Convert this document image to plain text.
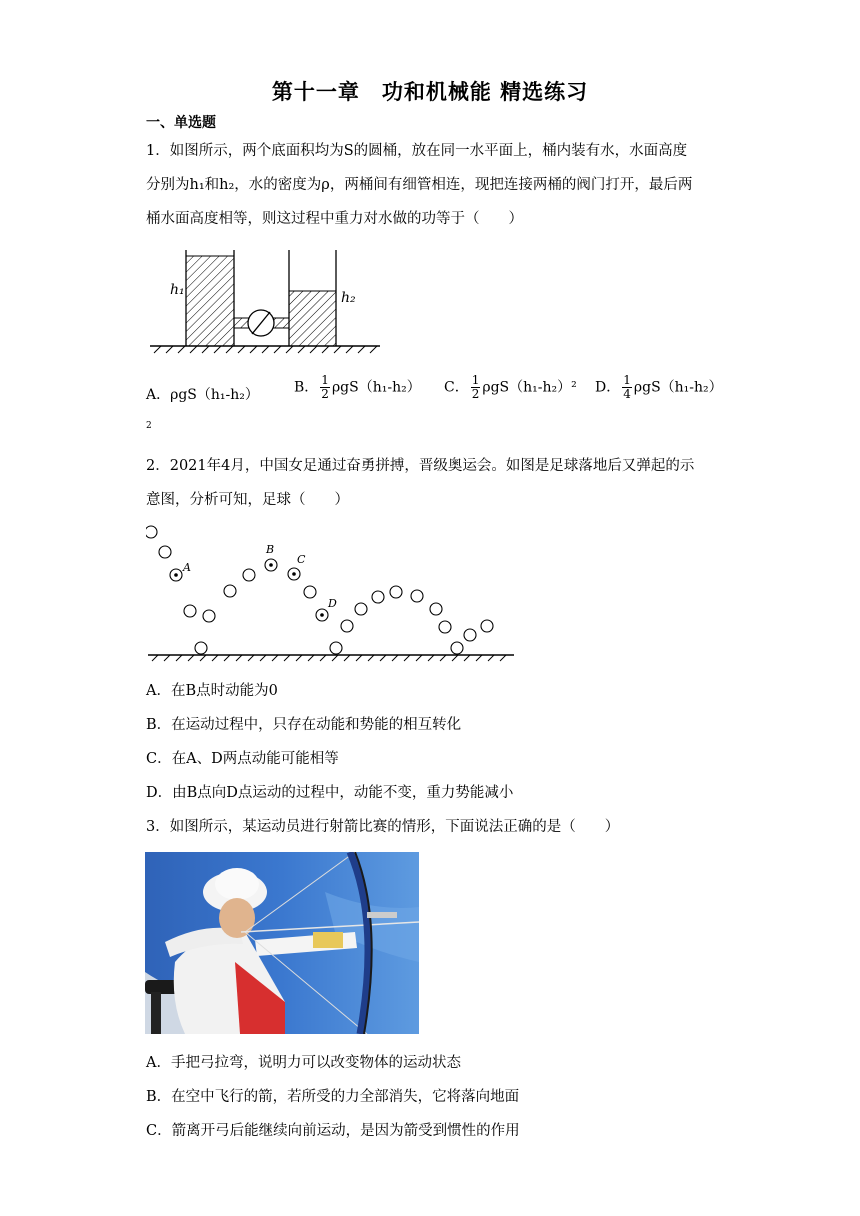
第十一章　功和机械能 精选练习
一、单选题
1．如图所示，两个底面积均为S的圆桶，放在同一水平面上，桶内装有水，水面高度
分别为h₁和h₂，水的密度为ρ，两桶间有细管相连，现把连接两桶的阀门打开，最后两
桶水面高度相等，则这过程中重力对水做的功等于（　　）
h₁	h₂
A．ρgS（h₁-h₂）	B． $\frac{1}{2} \rho gS(h_1-h_2)$ C． $\frac{1}{2} \rho gS(h_1-h_2)^2$ D． $\frac{1}{4} \rho gS(h_1-h_2)$
2
2．2021年4月，中国女足通过奋勇拼搏，晋级奥运会。如图是足球落地后又弹起的示
意图，分析可知，足球（　　）
A
B
C
D
A．在B点时动能为0
B．在运动过程中，只存在动能和势能的相互转化
C．在A、D两点动能可能相等
D．由B点向D点运动的过程中，动能不变，重力势能减小
3．如图所示，某运动员进行射箭比赛的情形，下面说法正确的是（　　）
A．手把弓拉弯，说明力可以改变物体的运动状态
B．在空中飞行的箭，若所受的力全部消失，它将落向地面
C．箭离开弓后能继续向前运动，是因为箭受到惯性的作用
